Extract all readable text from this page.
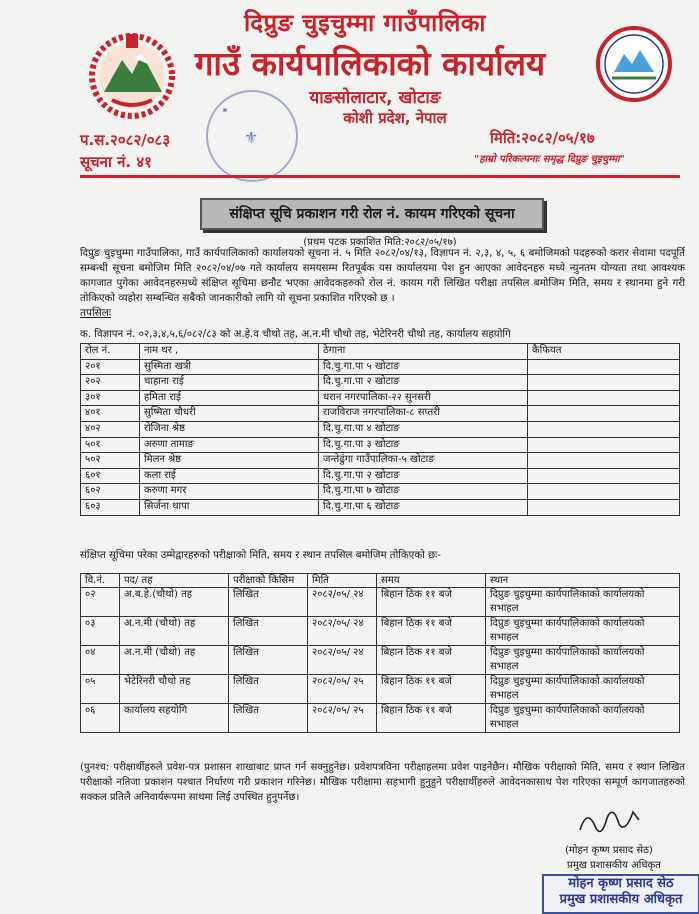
दिप्रुङ चुइचुम्मा गाउँपालिका
गाउँ कार्यपालिकाको कार्यालय
याङसोलाटार, खोटाङ
कोशी प्रदेश, नेपाल
✦
⚜
प.स.२०८२/०८३
सूचना नं. ४१
मिति:२०८२/०५/१७
"हाम्रो परिकल्पनाः समृद्ध दिप्रुङ चुइचुम्मा"
संक्षिप्त सूचि प्रकाशन गरी रोल नं. कायम गरिएको सूचना
(प्रथम पटक प्रकाशित मिति:२०८२/०५/१७)
दिप्रुङ चुइचुम्मा गाउँपालिका, गाउँ कार्यपालिकाको कार्यालयको सूचना नं. ५ मिति २०८२/०४/१३, विज्ञापन नं. २,३, ४, ५, ६ बमोजिमको पदहरुको करार सेवामा पदपूर्ति सम्बन्धी सूचना बमोजिम मिति २०८२/०४/०७ गते कार्यालय समयसम्म रितपूर्बक यस कार्यालयमा पेश हुन आएका आवेदनहरु मध्ये न्युनतम योग्यता तथा आवश्यक कागजात पुगेका आवेदनहरुमध्ये संक्षिप्त सूचिमा छनौट भएका आवेदकहरुको रोल नं. कायम गरी लिखित परीक्षा तपसिल बमोजिम मिति, समय र स्थानमा हुने गरी तोकिएको व्यहोरा सम्बन्धित सबैको जानकारीको लागि यो सूचना प्रकाशित गरिएको छ ।
तपसिलः
क. विज्ञापन नं. ०२,३,४,५,६/०८२/८३ को अ.हे.व चौथो तह, अ.न.मी चौथो तह, भेटेरिनरी चौथो तह, कार्यालय सहयोगि
रोल नं.	नाम थर ,	ठेगाना	कैफियत
२०१	सुस्मिता खत्री	दि.चु.गा.पा ५ खोटाङ	
२०२	चाहाना राई	दि.चु.गा.पा २ खोटाङ	
३०१	हमिता राई	धरान नगरपालिका-२२ सुनसरी	
४०१	सुष्मिता चौधरी	राजविराज नगरपालिका-८ सप्तरी	
४०२	रोजिना श्रेष्ठ	दि.चु.गा.पा ४ खोटाङ	
५०१	अरुणा तामाङ	दि.चु.गा.पा ३ खोटाङ	
५०२	मिलन श्रेष्ठ	जन्तेढुंगा गाउँपालिका-५ खोटाङ	
६०१	कला राई	दि.चु.गा.पा २ खोटाङ	
६०२	करुणा मगर	दि.चु.गा.पा ७ खोटाङ	
६०३	सिर्जना थापा	दि.चु.गा.पा ६ खोटाङ	
संक्षिप्त सूचिमा परेका उम्मेद्वारहरुको परीक्षाको मिति, समय र स्थान तपसिल बमोजिम तोकिएको छः-
वि.नं.	पद/ तह	परीक्षाको किसिम	मिति	समय	स्थान
०२	अ.ब.हे.(चौथो) तह	लिखित	२०८२/०५/ २४	बिहान ठिक ११ बजे	दिप्रुङ चुइचुम्मा कार्यपालिकाको कार्यालयको सभाहल
०३	अ.न.मी (चौथो) तह	लिखित	२०८२/०५/ २४	बिहान ठिक ११ बजे	दिप्रुङ चुइचुम्मा कार्यपालिकाको कार्यालयको सभाहल
०४	अ.न.मी (चौथो) तह	लिखित	२०८२/०५/ २४	बिहान ठिक ११ बजे	दिप्रुङ चुइचुम्मा कार्यपालिकाको कार्यालयको सभाहल
०५	भेटेरिनरी चौथो तह	लिखित	२०८२/०५/ २५	बिहान ठिक ११ बजे	दिप्रुङ चुइचुम्मा कार्यपालिकाको कार्यालयको सभाहल
०६	कार्यालय सहयोगि	लिखित	२०८२/०५/ २५	बिहान ठिक ११ बजे	दिप्रुङ चुइचुम्मा कार्यपालिकाको कार्यालयको सभाहल
(पुनश्च: परीक्षार्थीहरुले प्रवेश-पत्र प्रशासन शाखाबाट प्राप्त गर्न सक्नुहुनेछ। प्रवेशपत्रविना परीक्षाहलमा प्रवेश पाइनेछैन। मौखिक परीक्षाको मिति, समय र स्थान लिखित परीक्षाको नतिजा प्रकाशन पश्चात निर्धारण गरी प्रकाशन गरिनेछ। मौखिक परीक्षामा सहभागी हुनुहुने परीक्षार्थीहरुले आवेदनकासाथ पेश गरिएका सम्पूर्ण कागजातहरुको सक्कल प्रतिलै अनिवार्यरूपमा साथमा लिई उपस्थित हुनुपर्नेछ।
(मोहन कृष्ण प्रसाद सेठ)
प्रमुख प्रशासकीय अधिकृत
मोहन कृष्ण प्रसाद सेठ
प्रमुख प्रशासकीय अधिकृत
